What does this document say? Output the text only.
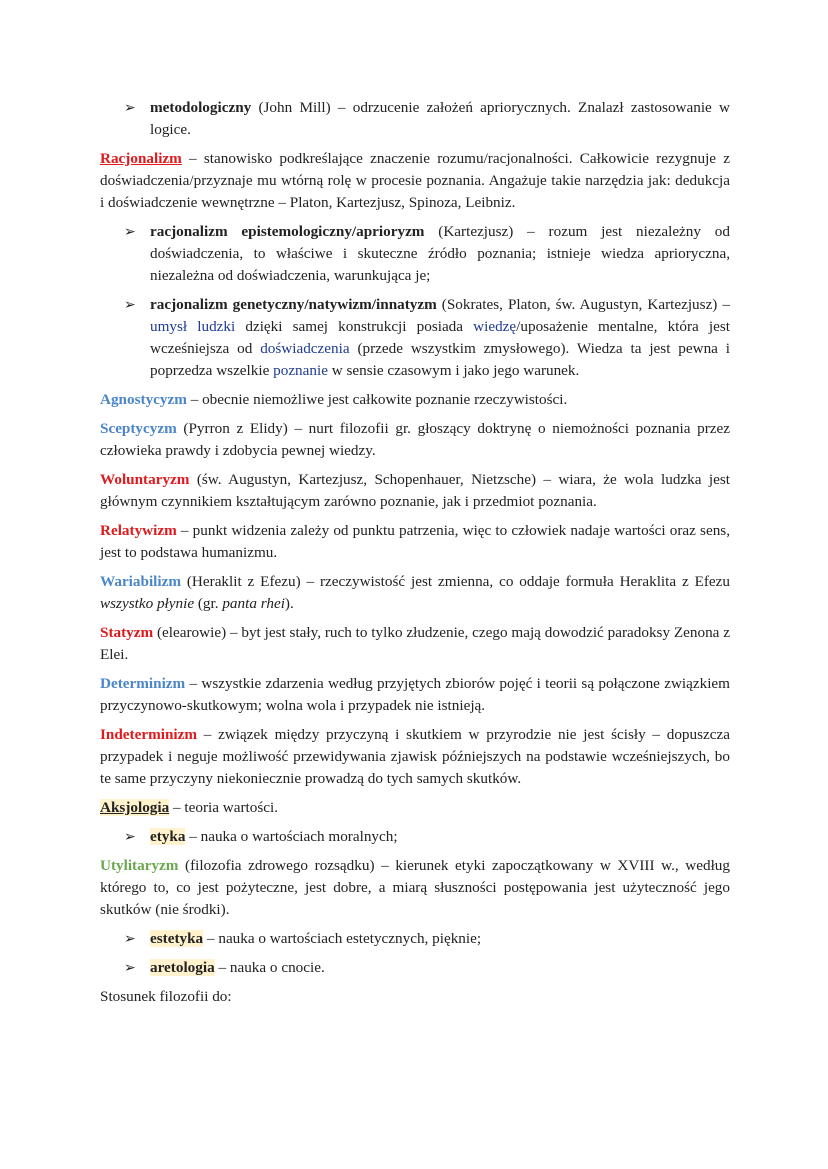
➢ metodologiczny (John Mill) – odrzucenie założeń apriorycznych. Znalazł zastosowanie w logice.
Racjonalizm – stanowisko podkreślające znaczenie rozumu/racjonalności. Całkowicie rezygnuje z doświadczenia/przyznaje mu wtórną rolę w procesie poznania. Angażuje takie narzędzia jak: dedukcja i doświadczenie wewnętrzne – Platon, Kartezjusz, Spinoza, Leibniz.
➢ racjonalizm epistemologiczny/aprioryzm (Kartezjusz) – rozum jest niezależny od doświadczenia, to właściwe i skuteczne źródło poznania; istnieje wiedza aprioryczna, niezależna od doświadczenia, warunkująca je;
➢ racjonalizm genetyczny/natywizm/innatyzm (Sokrates, Platon, św. Augustyn, Kartezjusz) – umysł ludzki dzięki samej konstrukcji posiada wiedzę/uposażenie mentalne, która jest wcześniejsza od doświadczenia (przede wszystkim zmysłowego). Wiedza ta jest pewna i poprzedza wszelkie poznanie w sensie czasowym i jako jego warunek.
Agnostycyzm – obecnie niemożliwe jest całkowite poznanie rzeczywistości.
Sceptycyzm (Pyrron z Elidy) – nurt filozofii gr. głoszący doktrynę o niemożności poznania przez człowieka prawdy i zdobycia pewnej wiedzy.
Woluntaryzm (św. Augustyn, Kartezjusz, Schopenhauer, Nietzsche) – wiara, że wola ludzka jest głównym czynnikiem kształtującym zarówno poznanie, jak i przedmiot poznania.
Relatywizm – punkt widzenia zależy od punktu patrzenia, więc to człowiek nadaje wartości oraz sens, jest to podstawa humanizmu.
Wariabilizm (Heraklit z Efezu) – rzeczywistość jest zmienna, co oddaje formuła Heraklita z Efezu wszystko płynie (gr. panta rhei).
Statyzm (elearowie) – byt jest stały, ruch to tylko złudzenie, czego mają dowodzić paradoksy Zenona z Elei.
Determinizm – wszystkie zdarzenia według przyjętych zbiorów pojęć i teorii są połączone związkiem przyczynowo-skutkowym; wolna wola i przypadek nie istnieją.
Indeterminizm – związek między przyczyną i skutkiem w przyrodzie nie jest ścisły – dopuszcza przypadek i neguje możliwość przewidywania zjawisk późniejszych na podstawie wcześniejszych, bo te same przyczyny niekoniecznie prowadzą do tych samych skutków.
Aksjologia – teoria wartości.
➢ etyka – nauka o wartościach moralnych;
Utylitaryzm (filozofia zdrowego rozsądku) – kierunek etyki zapoczątkowany w XVIII w., według którego to, co jest pożyteczne, jest dobre, a miarą słuszności postępowania jest użyteczność jego skutków (nie środki).
➢ estetyka – nauka o wartościach estetycznych, pięknie;
➢ aretologia – nauka o cnocie.
Stosunek filozofii do:
